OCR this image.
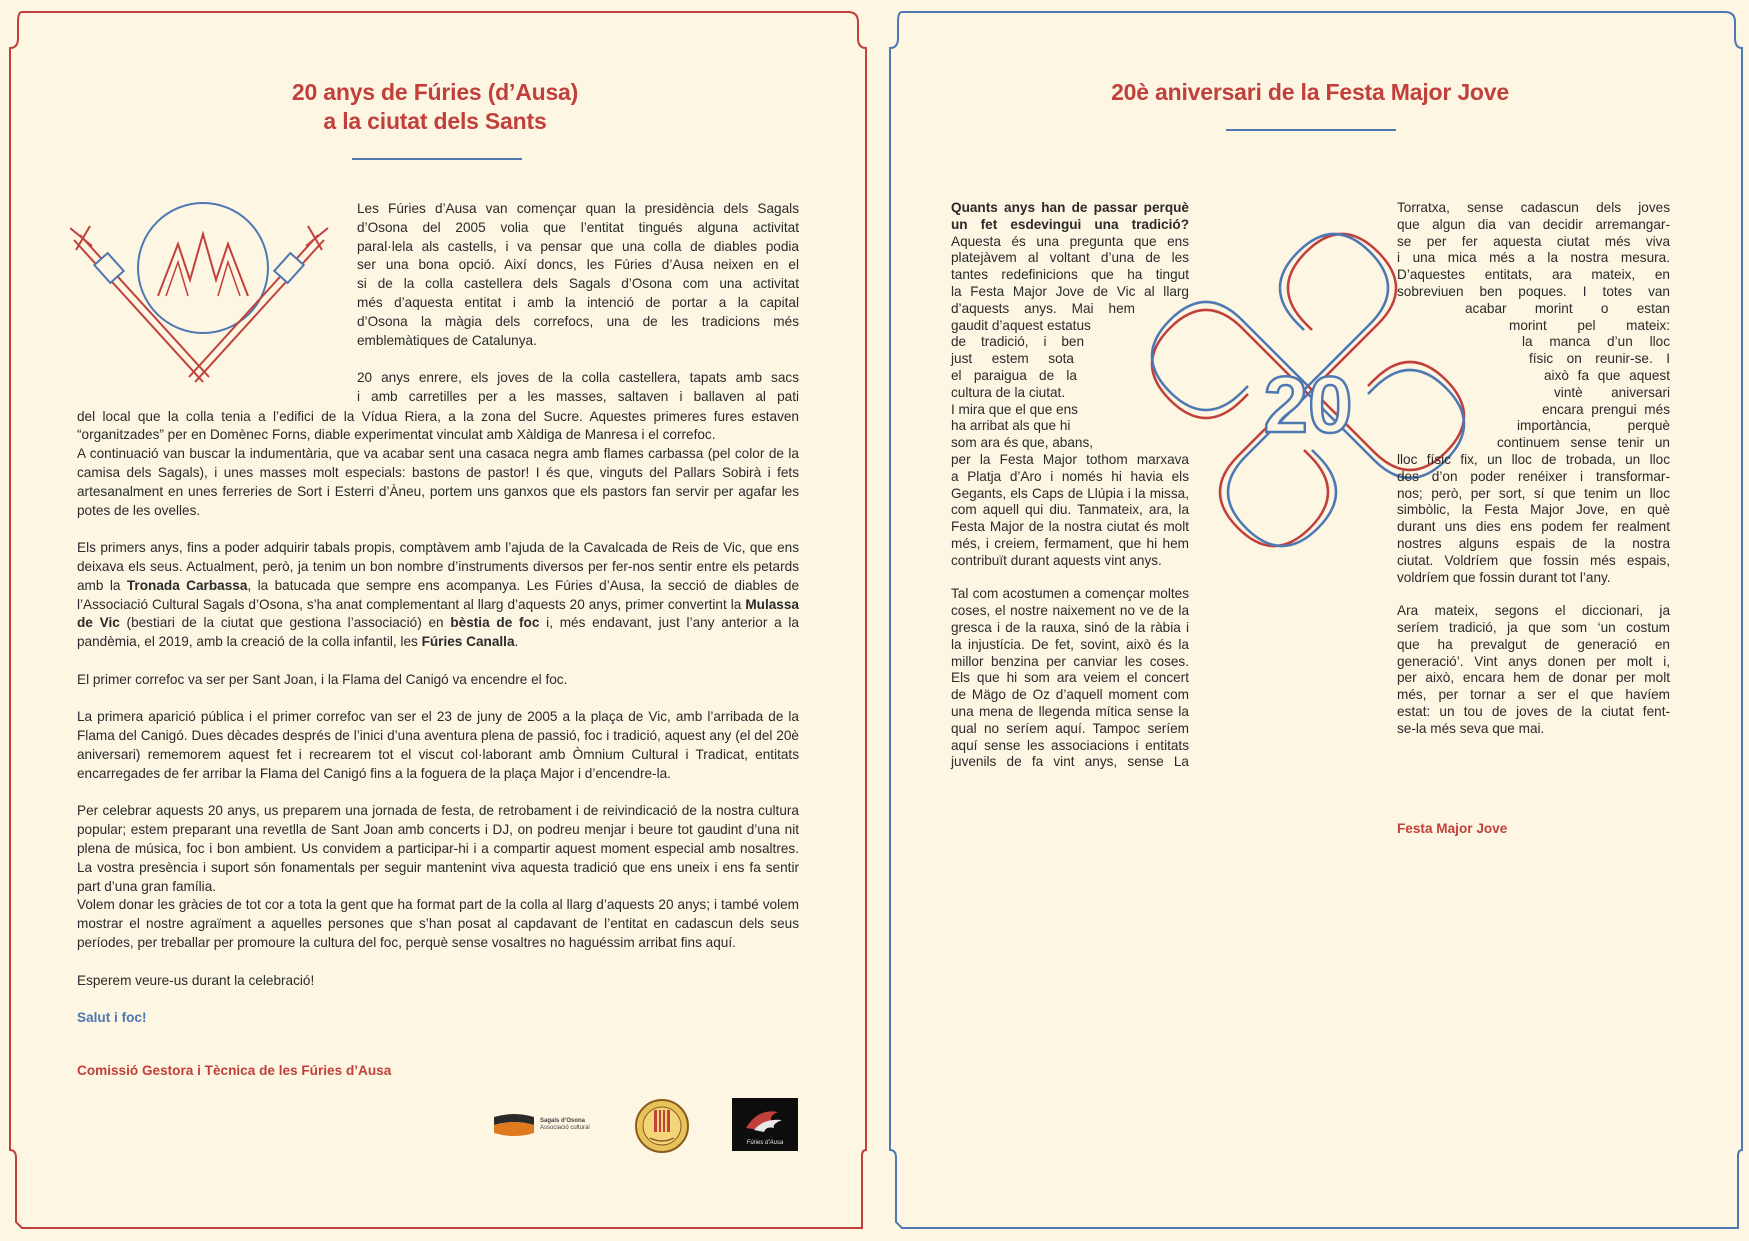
20 anys de Fúries (d’Ausa)
a la ciutat dels Sants
Les Fúries d’Ausa van començar quan la presidència dels Sagals
d’Osona del 2005 volia que l’entitat tingués alguna activitat
paral·lela als castells, i va pensar que una colla de diables podia
ser una bona opció. Així doncs, les Fúries d’Ausa neixen en el
si de la colla castellera dels Sagals d’Osona com una activitat
més d’aquesta entitat i amb la intenció de portar a la capital
d’Osona la màgia dels correfocs, una de les tradicions més
emblemàtiques de Catalunya.
20 anys enrere, els joves de la colla castellera, tapats amb sacs
i amb carretilles per a les masses, saltaven i ballaven al pati

del local que la colla tenia a l’edifici de la Vídua Riera, a la zona del Sucre. Aquestes primeres fures estaven “organitzades” per en Domènec Forns, diable experimentat vinculat amb Xàldiga de Manresa i el correfoc.

A continuació van buscar la indumentària, que va acabar sent una casaca negra amb flames carbassa (pel color de la camisa dels Sagals), i unes masses molt especials: bastons de pastor! I és que, vinguts del Pallars Sobirà i fets artesanalment en unes ferreries de Sort i Esterri d’Àneu, portem uns ganxos que els pastors fan servir per agafar les potes de les ovelles.

Els primers anys, fins a poder adquirir tabals propis, comptàvem amb l’ajuda de la Cavalcada de Reis de Vic, que ens deixava els seus. Actualment, però, ja tenim un bon nombre d’instruments diversos per fer-nos sentir entre els petards amb la Tronada Carbassa, la batucada que sempre ens acompanya. Les Fúries d’Ausa, la secció de diables de l’Associació Cultural Sagals d’Osona, s’ha anat complementant al llarg d’aquests 20 anys, primer convertint la Mulassa de Vic (bestiari de la ciutat que gestiona l’associació) en bèstia de foc i, més endavant, just l’any anterior a la pandèmia, el 2019, amb la creació de la colla infantil, les Fúries Canalla.

El primer correfoc va ser per Sant Joan, i la Flama del Canigó va encendre el foc.

La primera aparició pública i el primer correfoc van ser el 23 de juny de 2005 a la plaça de Vic, amb l’arribada de la Flama del Canigó. Dues dècades després de l’inici d’una aventura plena de passió, foc i tradició, aquest any (el del 20è aniversari) rememorem aquest fet i recrearem tot el viscut col·laborant amb Òmnium Cultural i Tradicat, entitats encarregades de fer arribar la Flama del Canigó fins a la foguera de la plaça Major i d’encendre-la.

Per celebrar aquests 20 anys, us preparem una jornada de festa, de retrobament i de reivindicació de la nostra cultura popular; estem preparant una revetlla de Sant Joan amb concerts i DJ, on podreu menjar i beure tot gaudint d’una nit plena de música, foc i bon ambient. Us convidem a participar-hi i a compartir aquest moment especial amb nosaltres. La vostra presència i suport són fonamentals per seguir mantenint viva aquesta tradició que ens uneix i ens fa sentir part d’una gran família.

Volem donar les gràcies de tot cor a tota la gent que ha format part de la colla al llarg d’aquests 20 anys; i també volem mostrar el nostre agraïment a aquelles persones que s’han posat al capdavant de l’entitat en cadascun dels seus períodes, per treballar per promoure la cultura del foc, perquè sense vosaltres no haguéssim arribat fins aquí.

Esperem veure-us durant la celebració!

Salut i foc!

Comissió Gestora i Tècnica de les Fúries d’Ausa

Sagals d’Osona
Associació cultural
Fúries d’Ausa
20è aniversari de la Festa Major Jove
20
Quants anys han de passar perquè
un fet esdevingui una tradició?
Aquesta és una pregunta que ens
platejàvem al voltant d’una de les
tantes redefinicions que ha tingut
la Festa Major Jove de Vic al llarg
d’aquests anys. Mai hem
gaudit d’aquest estatus
de tradició, i ben
just estem sota
el paraigua de la
cultura de la ciutat.
I mira que el que ens
ha arribat als que hi
som ara és que, abans,
per la Festa Major tothom marxava
a Platja d’Aro i només hi havia els
Gegants, els Caps de Llúpia i la missa,
com aquell qui diu. Tanmateix, ara, la
Festa Major de la nostra ciutat és molt
més, i creiem, fermament, que hi hem
contribuït durant aquests vint anys.

Tal com acostumen a començar moltes
coses, el nostre naixement no ve de la
gresca i de la rauxa, sinó de la ràbia i
la injustícia. De fet, sovint, això és la
millor benzina per canviar les coses.
Els que hi som ara veiem el concert
de Mägo de Oz d’aquell moment com
una mena de llegenda mítica sense la
qual no seríem aquí. Tampoc seríem
aquí sense les associacions i entitats
juvenils de fa vint anys, sense La
Torratxa, sense cadascun dels joves
que algun dia van decidir arremangar-
se per fer aquesta ciutat més viva
i una mica més a la nostra mesura.
D’aquestes entitats, ara mateix, en
sobreviuen ben poques. I totes van
acabar morint o estan
morint pel mateix:
la manca d’un lloc
físic on reunir-se. I
això fa que aquest
vintè aniversari
encara prengui més
importància, perquè
continuem sense tenir un
lloc físic fix, un lloc de trobada, un lloc
des d’on poder renéixer i transformar-
nos; però, per sort, sí que tenim un lloc
simbòlic, la Festa Major Jove, en què
durant uns dies ens podem fer realment
nostres alguns espais de la nostra
ciutat. Voldríem que fossin més espais,
voldríem que fossin durant tot l’any.

Ara mateix, segons el diccionari, ja
seríem tradició, ja que som ‘un costum
que ha prevalgut de generació en
generació’. Vint anys donen per molt i,
per això, encara hem de donar per molt
més, per tornar a ser el que havíem
estat: un tou de joves de la ciutat fent-
se-la més seva que mai.
Festa Major Jove
